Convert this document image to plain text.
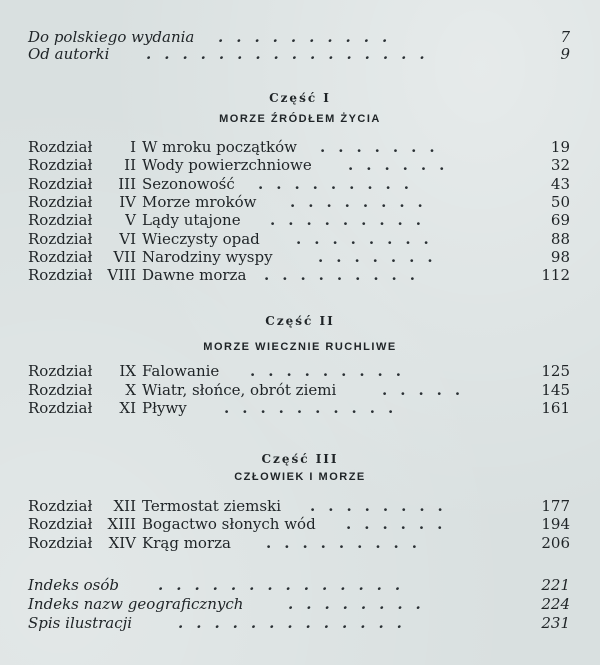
Do polskiego wydania ..........	7
Od autorki ................	9
Część I
MORZE ŹRÓDŁEM ŻYCIA
Rozdział	I W mroku początków .......	19
Rozdział	II Wody powierzchniowe ......	32
Rozdział	III Sezonowość .........	43
Rozdział	IV Morze mroków ........	50
Rozdział	V Lądy utajone .........	69
Rozdział	VI Wieczysty opad ........	88
Rozdział	VII Narodziny wyspy	.......	98
Rozdział	VIII Dawne morza .........	112
Część II
MORZE WIECZNIE RUCHLIWE
Rozdział	IX Falowanie .........	125
Rozdział	X Wiatr, słońce, obrót ziemi	.....	145
Rozdział	XI Pływy ..........	161
Część III
CZŁOWIEK I MORZE
Rozdział	XII Termostat ziemski ........	177
Rozdział	XIII Bogactwo słonych wód ......	194
Rozdział	XIV Krąg morza .........	206
Indeks osób	..............	221
Indeks nazw geograficznych	........	224
Spis ilustracji	.............	231
